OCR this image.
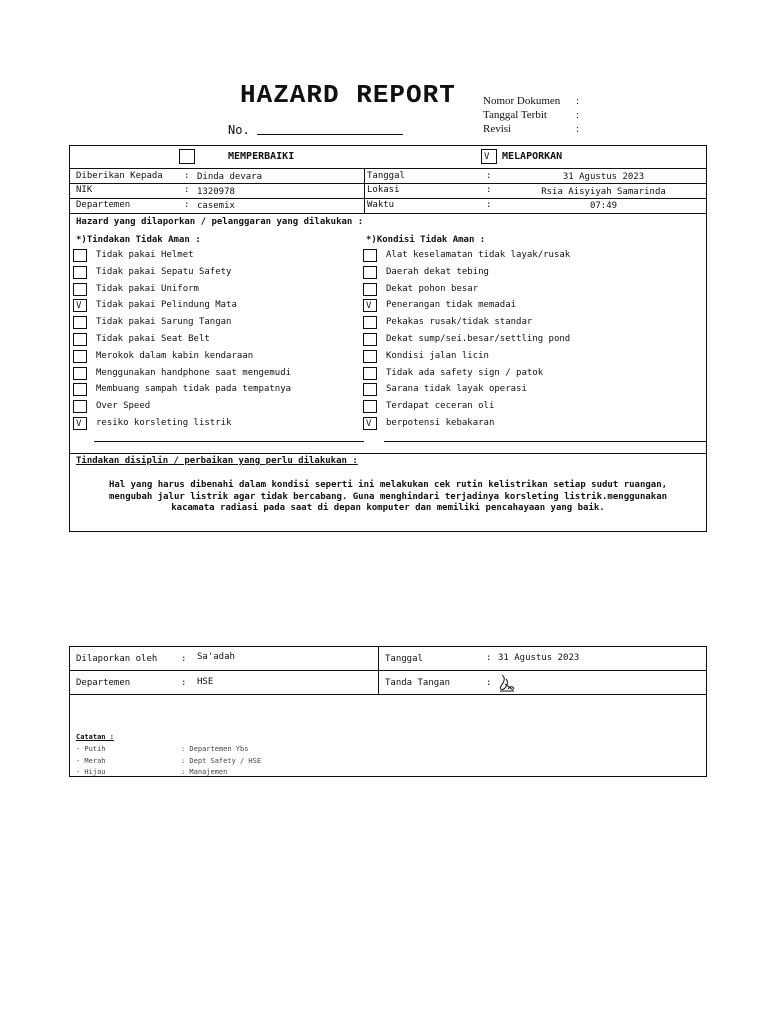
HAZARD REPORT
No.
Nomor Dokumen :
Tanggal Terbit	:
Revisi	:
MEMPERBAIKI	V	MELAPORKAN
Diberikan Kepada : Dinda devara
NIK	: 1320978
Departemen	: casemix
Tanggal	:	31 Agustus 2023
Lokasi	:	Rsia Aisyiyah Samarinda
Waktu	:	07:49
Hazard yang dilaporkan / pelanggaran yang dilakukan :
*)Tindakan Tidak Aman :	*)Kondisi Tidak Aman :
Tidak pakai Helmet
Tidak pakai Sepatu Safety
Tidak pakai Uniform
V	Tidak pakai Pelindung Mata
Tidak pakai Sarung Tangan
Tidak pakai Seat Belt
Merokok dalam kabin kendaraan
Menggunakan handphone saat mengemudi
Membuang sampah tidak pada tempatnya
Over Speed
V	resiko korsleting listrik
Alat keselamatan tidak layak/rusak
Daerah dekat tebing
Dekat pohon besar
V	Penerangan tidak memadai
Pekakas rusak/tidak standar
Dekat sump/sei.besar/settling pond
Kondisi jalan licin
Tidak ada safety sign / patok
Sarana tidak layak operasi
Terdapat ceceran oli
V	berpotensi kebakaran
Tindakan disiplin / perbaikan yang perlu dilakukan :
Hal yang harus dibenahi dalam kondisi seperti ini melakukan cek rutin kelistrikan setiap sudut ruangan,
mengubah jalur listrik agar tidak bercabang. Guna menghindari terjadinya korsleting listrik.menggunakan
kacamata radiasi pada saat di depan komputer dan memiliki pencahayaan yang baik.
Dilaporkan oleh	: Sa'adah
Departemen	: HSE
Tanggal	: 31 Agustus 2023
Tanda Tangan	:
Catatan :
- Putih	: Departemen Ybs
- Merah	: Dept Safety / HSE
- Hijau	: Manajemen
